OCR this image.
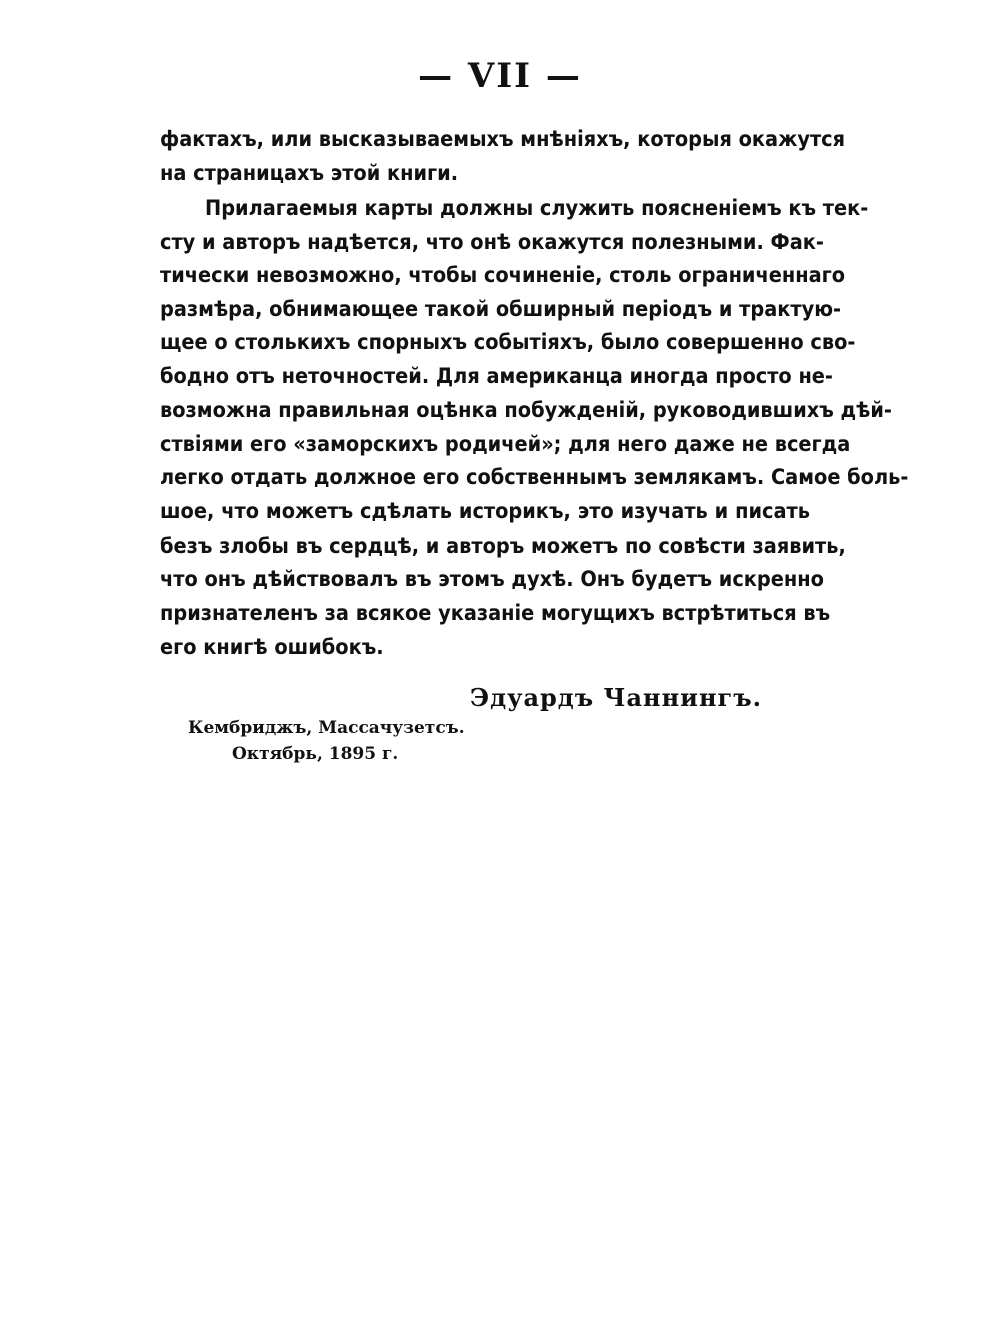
— VII —
фактахъ, или высказываемыхъ мнѣніяхъ, которыя окажутся
на страницахъ этой книги.
Прилагаемыя карты должны служить поясненіемъ къ тек-
сту и авторъ надѣется, что онѣ окажутся полезными. Фак-
тически невозможно, чтобы сочиненіе, столь ограниченнаго
размѣра, обнимающее такой обширный періодъ и трактую-
щее о столькихъ спорныхъ событіяхъ, было совершенно сво-
бодно отъ неточностей. Для американца иногда просто не-
возможна правильная оцѣнка побужденій, руководившихъ дѣй-
ствіями его «заморскихъ родичей»; для него даже не всегда
легко отдать должное его собственнымъ землякамъ. Самое боль-
шое, что можетъ сдѣлать историкъ, это изучать и писать
безъ злобы въ сердцѣ, и авторъ можетъ по совѣсти заявить,
что онъ дѣйствовалъ въ этомъ духѣ. Онъ будетъ искренно
признателенъ за всякое указаніе могущихъ встрѣтиться въ
его книгѣ ошибокъ.
Эдуардъ Чаннингъ.
Кембриджъ, Массачузетсъ.
Октябрь, 1895 г.
